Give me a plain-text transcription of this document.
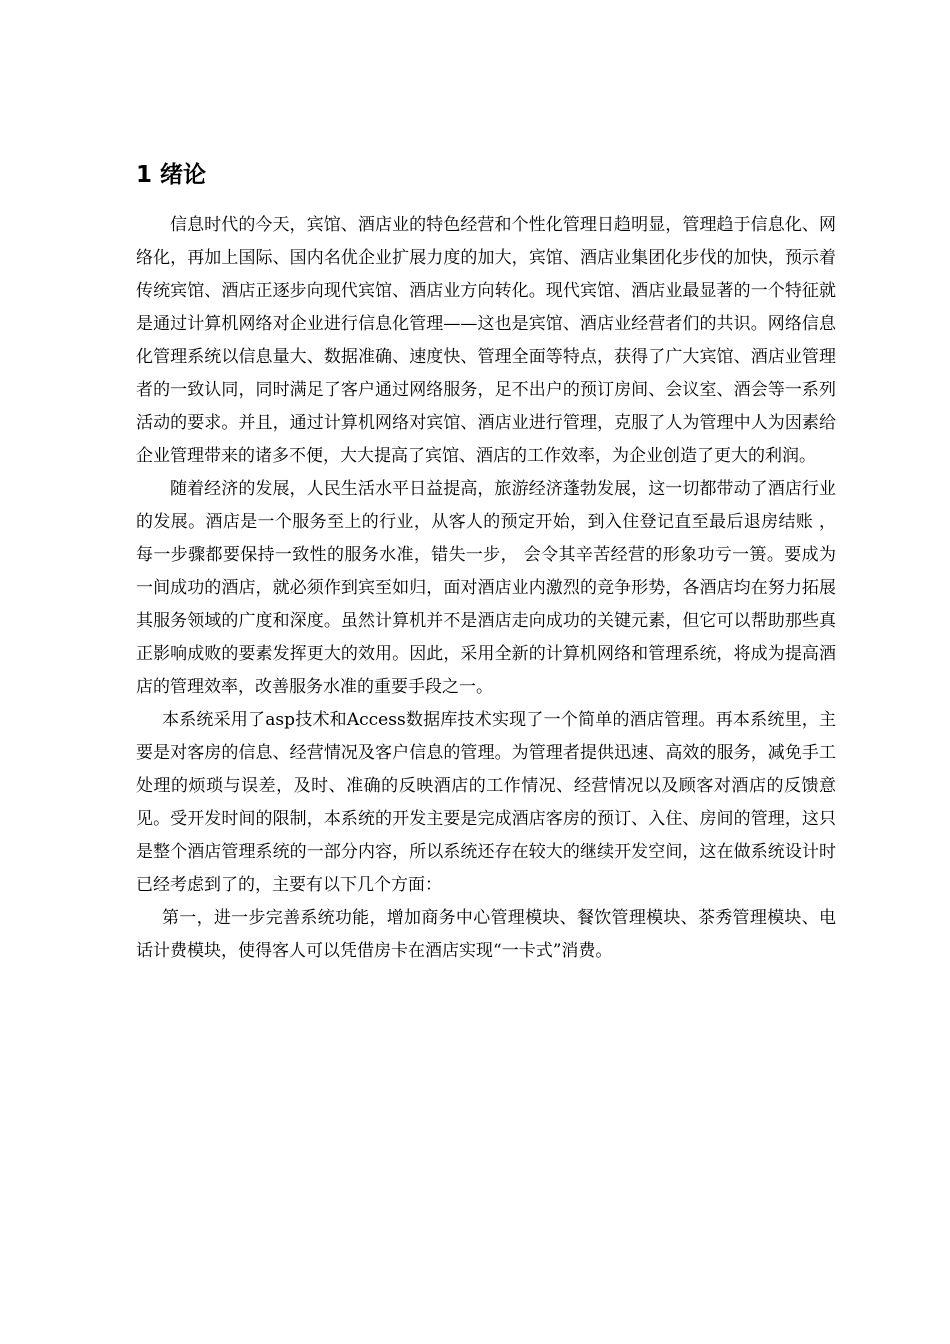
1 绪论

信息时代的今天，宾馆、酒店业的特色经营和个性化管理日趋明显，管理趋于信息化、网络化，再加上国际、国内名优企业扩展力度的加大，宾馆、酒店业集团化步伐的加快，预示着传统宾馆、酒店正逐步向现代宾馆、酒店业方向转化。现代宾馆、酒店业最显著的一个特征就是通过计算机网络对企业进行信息化管理——这也是宾馆、酒店业经营者们的共识。网络信息化管理系统以信息量大、数据准确、速度快、管理全面等特点，获得了广大宾馆、酒店业管理者的一致认同，同时满足了客户通过网络服务，足不出户的预订房间、会议室、酒会等一系列活动的要求。并且，通过计算机网络对宾馆、酒店业进行管理，克服了人为管理中人为因素给企业管理带来的诸多不便，大大提高了宾馆、酒店的工作效率，为企业创造了更大的利润。

随着经济的发展，人民生活水平日益提高，旅游经济蓬勃发展，这一切都带动了酒店行业的发展。酒店是一个服务至上的行业，从客人的预定开始，到入住登记直至最后退房结账 ，每一步骤都要保持一致性的服务水准，错失一步， 会令其辛苦经营的形象功亏一篑。要成为一间成功的酒店，就必须作到宾至如归，面对酒店业内激烈的竞争形势，各酒店均在努力拓展其服务领域的广度和深度。虽然计算机并不是酒店走向成功的关键元素，但它可以帮助那些真正影响成败的要素发挥更大的效用。因此，采用全新的计算机网络和管理系统，将成为提高酒店的管理效率，改善服务水准的重要手段之一。

本系统采用了asp技术和Access数据库技术实现了一个简单的酒店管理。再本系统里，主要是对客房的信息、经营情况及客户信息的管理。为管理者提供迅速、高效的服务，减免手工处理的烦琐与误差，及时、准确的反映酒店的工作情况、经营情况以及顾客对酒店的反馈意见。受开发时间的限制，本系统的开发主要是完成酒店客房的预订、入住、房间的管理，这只是整个酒店管理系统的一部分内容，所以系统还存在较大的继续开发空间，这在做系统设计时已经考虑到了的，主要有以下几个方面：

第一，进一步完善系统功能，增加商务中心管理模块、餐饮管理模块、茶秀管理模块、电话计费模块，使得客人可以凭借房卡在酒店实现“一卡式”消费。
